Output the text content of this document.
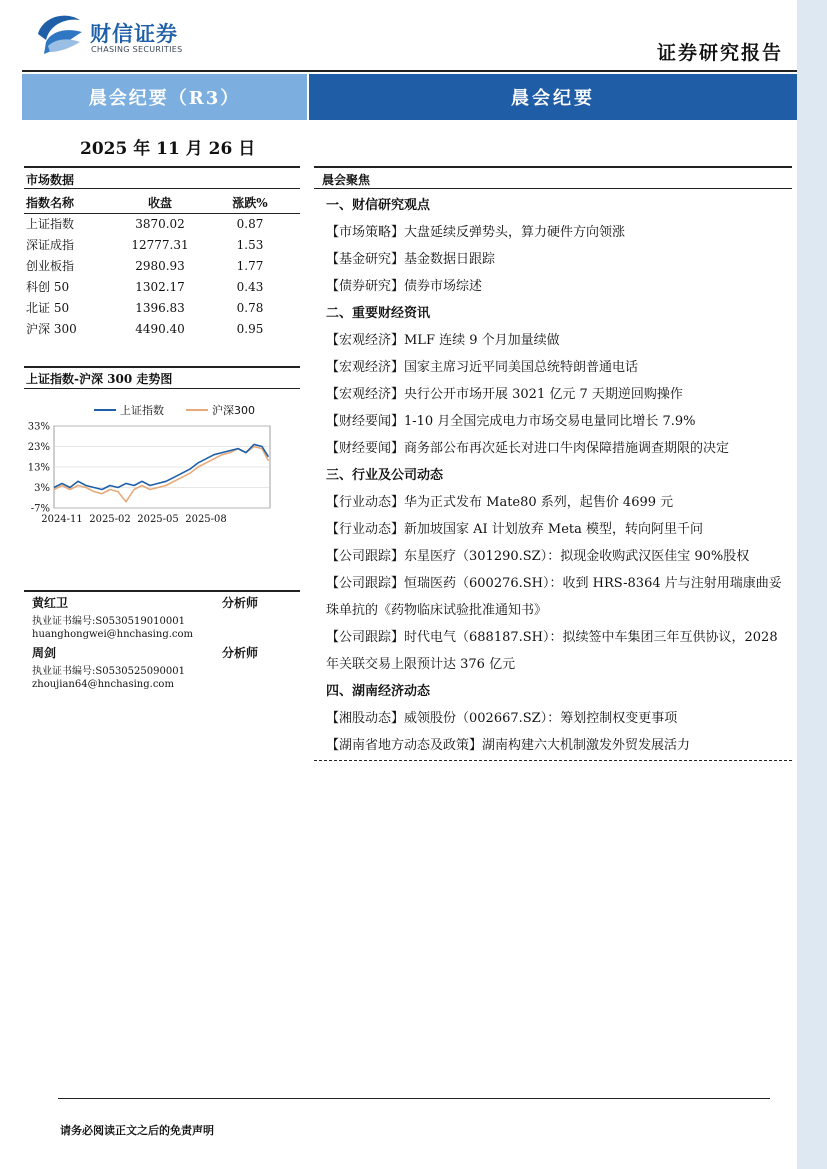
财信证券
CHASING SECURITIES	证券研究报告
晨会纪要（R3）	晨会纪要
2025 年 11 月 26 日
市场数据
指数名称	收盘	涨跌%
上证指数	3870.02	0.87
深证成指	12777.31	1.53
创业板指	2980.93	1.77
科创 50	1302.17	0.43
北证 50	1396.83	0.78
沪深 300	4490.40	0.95
上证指数-沪深 300 走势图
33%
23%
13%
3%
-7%
2024-11 2025-02 2025-05 2025-08
上证指数	沪深300
黄红卫	分析师
执业证书编号:S0530519010001
huanghongwei@hnchasing.com
周剑	分析师
执业证书编号:S0530525090001
zhoujian64@hnchasing.com
晨会聚焦
一、财信研究观点
【市场策略】大盘延续反弹势头，算力硬件方向领涨
【基金研究】基金数据日跟踪
【债券研究】债券市场综述
二、重要财经资讯
【宏观经济】MLF 连续 9 个月加量续做
【宏观经济】国家主席习近平同美国总统特朗普通电话
【宏观经济】央行公开市场开展 3021 亿元 7 天期逆回购操作
【财经要闻】1-10 月全国完成电力市场交易电量同比增长 7.9%
【财经要闻】商务部公布再次延长对进口牛肉保障措施调查期限的决定
三、行业及公司动态
【行业动态】华为正式发布 Mate80 系列，起售价 4699 元
【行业动态】新加坡国家 AI 计划放弃 Meta 模型，转向阿里千问
【公司跟踪】东星医疗（301290.SZ）：拟现金收购武汉医佳宝 90%股权
【公司跟踪】恒瑞医药（600276.SH）：收到 HRS-8364 片与注射用瑞康曲妥珠单抗的《药物临床试验批准通知书》
【公司跟踪】时代电气（688187.SH）：拟续签中车集团三年互供协议，2028 年关联交易上限预计达 376 亿元
四、湖南经济动态
【湘股动态】威领股份（002667.SZ）：筹划控制权变更事项
【湖南省地方动态及政策】湖南构建六大机制激发外贸发展活力
请务必阅读正文之后的免责声明
